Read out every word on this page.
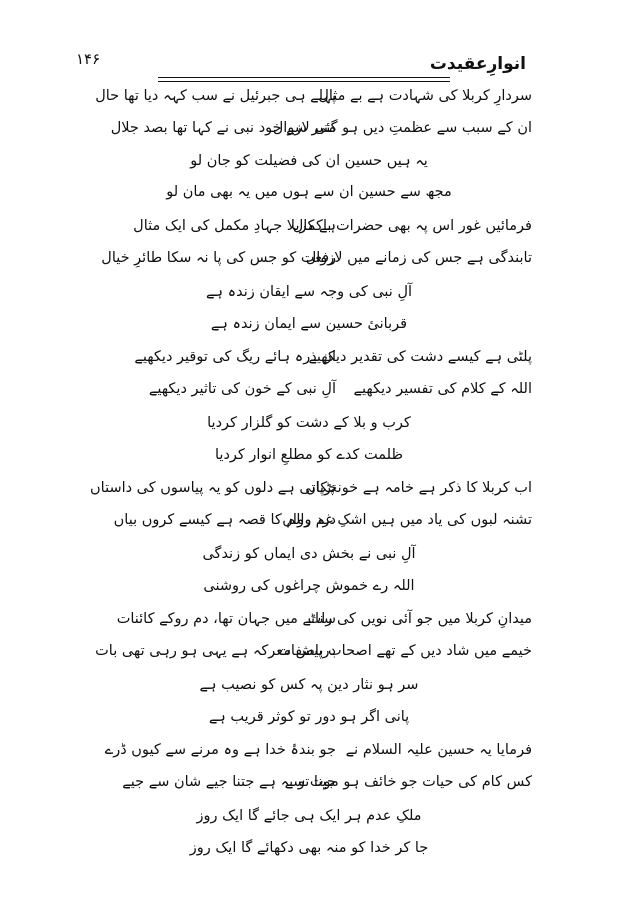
۱۴۶	انوارِعقیدت
سردارِ کربلا کی شہادت ہے بے مثال
پہلے ہی جبرئیل نے سب کہہ دیا تھا حال
ان کے سبب سے عظمتِ دیں ہو گئی لازوال
منبر سے خود نبی نے کہا تھا بصد جلال
یہ ہیں حسین ان کی فضیلت کو جان لو
مجھ سے حسین ان سے ہوں میں یہ بھی مان لو
فرمائیں غور اس پہ بھی حضرات باکمال
ہے کربلا جہادِ مکمل کی ایک مثال
تابندگی ہے جس کی زمانے میں لازوال
رفعت کو جس کی پا نہ سکا طائرِ خیال
آلِ نبی کی وجہ سے ایقان زندہ ہے
قربانیٔ حسین سے ایمان زندہ ہے
پلٹی ہے کیسے دشت کی تقدیر دیکھیے
ان ذرہ ہائے ریگ کی توقیر دیکھیے
اللہ کے کلام کی تفسیر دیکھیے
آلِ نبی کے خون کی تاثیر دیکھیے
کرب و بلا کے دشت کو گلزار کردیا
ظلمت کدے کو مطلعِ انوار کردیا
اب کربلا کا ذکر ہے خامہ ہے خونچکاں
تڑپاتی ہے دلوں کو یہ پیاسوں کی داستاں
تشنہ لبوں کی یاد میں ہیں اشکِ غم رواں
درد والم کا قصہ ہے کیسے کروں بیاں
آلِ نبی نے بخش دی ایماں کو زندگی
اللہ رے خموش چراغوں کی روشنی
میدانِ کربلا میں جو آئی نویں کی رات
سناٹے میں جہان تھا، دم روکے کائنات
خیمے میں شاد دیں کے تھے اصحاب باصفات
درپیش معرکہ ہے یہی ہو رہی تھی بات
سر ہو نثار دین پہ کس کو نصیب ہے
پانی اگر ہو دور تو کوثر قریب ہے
فرمایا یہ حسین علیہ السلام نے
جو بندۂ خدا ہے وہ مرنے سے کیوں ڈرے
کس کام کی حیات جو خائف ہو موت سے
جینا تو یہ ہے جتنا جیے شان سے جیے
ملکِ عدم ہر ایک ہی جائے گا ایک روز
جا کر خدا کو منہ بھی دکھائے گا ایک روز
